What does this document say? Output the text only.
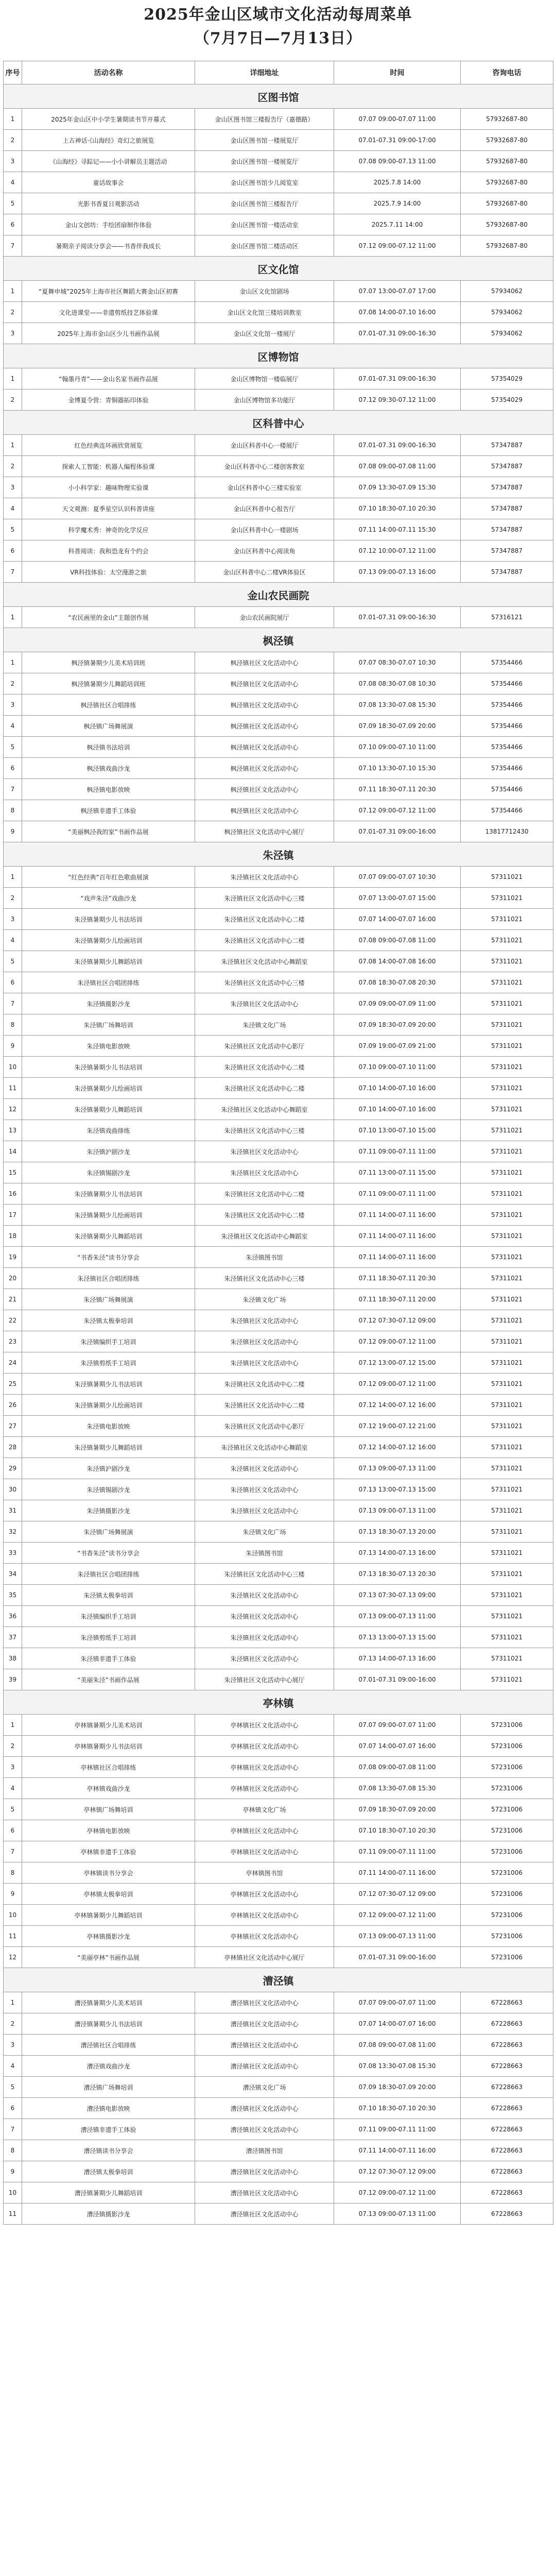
2025年金山区域市文化活动每周菜单
（7月7日—7月13日）
序号	活动名称	详细地址	时间	咨询电话
区图书馆				
1	2025年金山区中小学生暑期读书节开幕式	金山区图书馆三楼报告厅（嘉德路）	07.07 09:00-07.07 11:00	57932687-80
2	上古神话·《山海经》奇幻之旅展览	金山区图书馆一楼展览厅	07.01-07.31 09:00-17:00	57932687-80
3	《山海经》寻踪记——小小讲解员主题活动	金山区图书馆一楼展览厅	07.08 09:00-07.13 11:00	57932687-80
4	童话故事会	金山区图书馆少儿阅览室	2025.7.8 14:00	57932687-80
5	光影书香夏日观影活动	金山区图书馆三楼报告厅	2025.7.9 14:00	57932687-80
6	金山文创坊：手绘团扇制作体验	金山区图书馆一楼活动室	2025.7.11 14:00	57932687-80
7	暑期亲子阅读分享会——书香伴我成长	金山区图书馆二楼活动区	07.12 09:00-07.12 11:00	57932687-80
区文化馆				
1	“夏舞申城”2025年上海市社区舞蹈大赛金山区初赛	金山区文化馆剧场	07.07 13:00-07.07 17:00	57934062
2	文化进课堂——非遗剪纸技艺体验课	金山区文化馆三楼培训教室	07.08 14:00-07.10 16:00	57934062
3	2025年上海市金山区少儿书画作品展	金山区文化馆一楼展厅	07.01-07.31 09:00-16:30	57934062
区博物馆				
1	“翰墨丹青”——金山名家书画作品展	金山区博物馆一楼临展厅	07.01-07.31 09:00-16:30	57354029
2	金博夏令营：青铜器拓印体验	金山区博物馆多功能厅	07.12 09:30-07.12 11:00	57354029
区科普中心				
1	红色经典连环画欣赏展览	金山区科普中心一楼展厅	07.01-07.31 09:00-16:30	57347887
2	探索人工智能：机器人编程体验课	金山区科普中心二楼创客教室	07.08 09:00-07.08 11:00	57347887
3	小小科学家：趣味物理实验课	金山区科普中心三楼实验室	07.09 13:30-07.09 15:30	57347887
4	天文观测：夏季星空认识科普讲座	金山区科普中心报告厅	07.10 18:30-07.10 20:30	57347887
5	科学魔术秀：神奇的化学反应	金山区科普中心一楼剧场	07.11 14:00-07.11 15:30	57347887
6	科普阅读：我和恐龙有个约会	金山区科普中心阅读角	07.12 10:00-07.12 11:00	57347887
7	VR科技体验：太空漫游之旅	金山区科普中心二楼VR体验区	07.13 09:00-07.13 16:00	57347887
金山农民画院				
1	“农民画里的金山”主题创作展	金山农民画院展厅	07.01-07.31 09:00-16:30	57316121
枫泾镇				
1	枫泾镇暑期少儿美术培训班	枫泾镇社区文化活动中心	07.07 08:30-07.07 10:30	57354466
2	枫泾镇暑期少儿舞蹈培训班	枫泾镇社区文化活动中心	07.08 08:30-07.08 10:30	57354466
3	枫泾镇社区合唱排练	枫泾镇社区文化活动中心	07.08 13:30-07.08 15:30	57354466
4	枫泾镇广场舞展演	枫泾镇社区文化活动中心	07.09 18:30-07.09 20:00	57354466
5	枫泾镇书法培训	枫泾镇社区文化活动中心	07.10 09:00-07.10 11:00	57354466
6	枫泾镇戏曲沙龙	枫泾镇社区文化活动中心	07.10 13:30-07.10 15:30	57354466
7	枫泾镇电影放映	枫泾镇社区文化活动中心	07.11 18:30-07.11 20:30	57354466
8	枫泾镇非遗手工体验	枫泾镇社区文化活动中心	07.12 09:00-07.12 11:00	57354466
9	“美丽枫泾我的家”书画作品展	枫泾镇社区文化活动中心展厅	07.01-07.31 09:00-16:00	13817712430
朱泾镇				
1	“红色经典”百年红色歌曲展演	朱泾镇社区文化活动中心	07.07 09:00-07.07 10:30	57311021
2	“戏声朱泾”戏曲沙龙	朱泾镇社区文化活动中心三楼	07.07 13:00-07.07 15:00	57311021
3	朱泾镇暑期少儿书法培训	朱泾镇社区文化活动中心二楼	07.07 14:00-07.07 16:00	57311021
4	朱泾镇暑期少儿绘画培训	朱泾镇社区文化活动中心二楼	07.08 09:00-07.08 11:00	57311021
5	朱泾镇暑期少儿舞蹈培训	朱泾镇社区文化活动中心舞蹈室	07.08 14:00-07.08 16:00	57311021
6	朱泾镇社区合唱团排练	朱泾镇社区文化活动中心三楼	07.08 18:30-07.08 20:30	57311021
7	朱泾镇摄影沙龙	朱泾镇社区文化活动中心	07.09 09:00-07.09 11:00	57311021
8	朱泾镇广场舞培训	朱泾镇文化广场	07.09 18:30-07.09 20:00	57311021
9	朱泾镇电影放映	朱泾镇社区文化活动中心影厅	07.09 19:00-07.09 21:00	57311021
10	朱泾镇暑期少儿书法培训	朱泾镇社区文化活动中心二楼	07.10 09:00-07.10 11:00	57311021
11	朱泾镇暑期少儿绘画培训	朱泾镇社区文化活动中心二楼	07.10 14:00-07.10 16:00	57311021
12	朱泾镇暑期少儿舞蹈培训	朱泾镇社区文化活动中心舞蹈室	07.10 14:00-07.10 16:00	57311021
13	朱泾镇戏曲排练	朱泾镇社区文化活动中心三楼	07.10 13:00-07.10 15:00	57311021
14	朱泾镇沪剧沙龙	朱泾镇社区文化活动中心	07.11 09:00-07.11 11:00	57311021
15	朱泾镇锡剧沙龙	朱泾镇社区文化活动中心	07.11 13:00-07.11 15:00	57311021
16	朱泾镇暑期少儿书法培训	朱泾镇社区文化活动中心二楼	07.11 09:00-07.11 11:00	57311021
17	朱泾镇暑期少儿绘画培训	朱泾镇社区文化活动中心二楼	07.11 14:00-07.11 16:00	57311021
18	朱泾镇暑期少儿舞蹈培训	朱泾镇社区文化活动中心舞蹈室	07.11 14:00-07.11 16:00	57311021
19	“书香朱泾”读书分享会	朱泾镇图书馆	07.11 14:00-07.11 16:00	57311021
20	朱泾镇社区合唱团排练	朱泾镇社区文化活动中心三楼	07.11 18:30-07.11 20:30	57311021
21	朱泾镇广场舞展演	朱泾镇文化广场	07.11 18:30-07.11 20:00	57311021
22	朱泾镇太极拳培训	朱泾镇社区文化活动中心	07.12 07:30-07.12 09:00	57311021
23	朱泾镇编织手工培训	朱泾镇社区文化活动中心	07.12 09:00-07.12 11:00	57311021
24	朱泾镇剪纸手工培训	朱泾镇社区文化活动中心	07.12 13:00-07.12 15:00	57311021
25	朱泾镇暑期少儿书法培训	朱泾镇社区文化活动中心二楼	07.12 09:00-07.12 11:00	57311021
26	朱泾镇暑期少儿绘画培训	朱泾镇社区文化活动中心二楼	07.12 14:00-07.12 16:00	57311021
27	朱泾镇电影放映	朱泾镇社区文化活动中心影厅	07.12 19:00-07.12 21:00	57311021
28	朱泾镇暑期少儿舞蹈培训	朱泾镇社区文化活动中心舞蹈室	07.12 14:00-07.12 16:00	57311021
29	朱泾镇沪剧沙龙	朱泾镇社区文化活动中心	07.13 09:00-07.13 11:00	57311021
30	朱泾镇锡剧沙龙	朱泾镇社区文化活动中心	07.13 13:00-07.13 15:00	57311021
31	朱泾镇摄影沙龙	朱泾镇社区文化活动中心	07.13 09:00-07.13 11:00	57311021
32	朱泾镇广场舞展演	朱泾镇文化广场	07.13 18:30-07.13 20:00	57311021
33	“书香朱泾”读书分享会	朱泾镇图书馆	07.13 14:00-07.13 16:00	57311021
34	朱泾镇社区合唱团排练	朱泾镇社区文化活动中心三楼	07.13 18:30-07.13 20:30	57311021
35	朱泾镇太极拳培训	朱泾镇社区文化活动中心	07.13 07:30-07.13 09:00	57311021
36	朱泾镇编织手工培训	朱泾镇社区文化活动中心	07.13 09:00-07.13 11:00	57311021
37	朱泾镇剪纸手工培训	朱泾镇社区文化活动中心	07.13 13:00-07.13 15:00	57311021
38	朱泾镇非遗手工体验	朱泾镇社区文化活动中心	07.13 14:00-07.13 16:00	57311021
39	“美丽朱泾”书画作品展	朱泾镇社区文化活动中心展厅	07.01-07.31 09:00-16:00	57311021
亭林镇				
1	亭林镇暑期少儿美术培训	亭林镇社区文化活动中心	07.07 09:00-07.07 11:00	57231006
2	亭林镇暑期少儿书法培训	亭林镇社区文化活动中心	07.07 14:00-07.07 16:00	57231006
3	亭林镇社区合唱排练	亭林镇社区文化活动中心	07.08 09:00-07.08 11:00	57231006
4	亭林镇戏曲沙龙	亭林镇社区文化活动中心	07.08 13:30-07.08 15:30	57231006
5	亭林镇广场舞培训	亭林镇文化广场	07.09 18:30-07.09 20:00	57231006
6	亭林镇电影放映	亭林镇社区文化活动中心	07.10 18:30-07.10 20:30	57231006
7	亭林镇非遗手工体验	亭林镇社区文化活动中心	07.11 09:00-07.11 11:00	57231006
8	亭林镇读书分享会	亭林镇图书馆	07.11 14:00-07.11 16:00	57231006
9	亭林镇太极拳培训	亭林镇社区文化活动中心	07.12 07:30-07.12 09:00	57231006
10	亭林镇暑期少儿舞蹈培训	亭林镇社区文化活动中心	07.12 09:00-07.12 11:00	57231006
11	亭林镇摄影沙龙	亭林镇社区文化活动中心	07.13 09:00-07.13 11:00	57231006
12	“美丽亭林”书画作品展	亭林镇社区文化活动中心展厅	07.01-07.31 09:00-16:00	57231006
漕泾镇				
1	漕泾镇暑期少儿美术培训	漕泾镇社区文化活动中心	07.07 09:00-07.07 11:00	67228663
2	漕泾镇暑期少儿书法培训	漕泾镇社区文化活动中心	07.07 14:00-07.07 16:00	67228663
3	漕泾镇社区合唱排练	漕泾镇社区文化活动中心	07.08 09:00-07.08 11:00	67228663
4	漕泾镇戏曲沙龙	漕泾镇社区文化活动中心	07.08 13:30-07.08 15:30	67228663
5	漕泾镇广场舞培训	漕泾镇文化广场	07.09 18:30-07.09 20:00	67228663
6	漕泾镇电影放映	漕泾镇社区文化活动中心	07.10 18:30-07.10 20:30	67228663
7	漕泾镇非遗手工体验	漕泾镇社区文化活动中心	07.11 09:00-07.11 11:00	67228663
8	漕泾镇读书分享会	漕泾镇图书馆	07.11 14:00-07.11 16:00	67228663
9	漕泾镇太极拳培训	漕泾镇社区文化活动中心	07.12 07:30-07.12 09:00	67228663
10	漕泾镇暑期少儿舞蹈培训	漕泾镇社区文化活动中心	07.12 09:00-07.12 11:00	67228663
11	漕泾镇摄影沙龙	漕泾镇社区文化活动中心	07.13 09:00-07.13 11:00	67228663
